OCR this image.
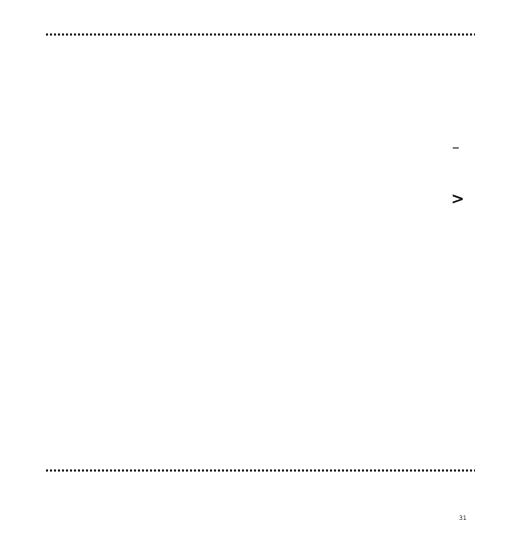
–
>
31
